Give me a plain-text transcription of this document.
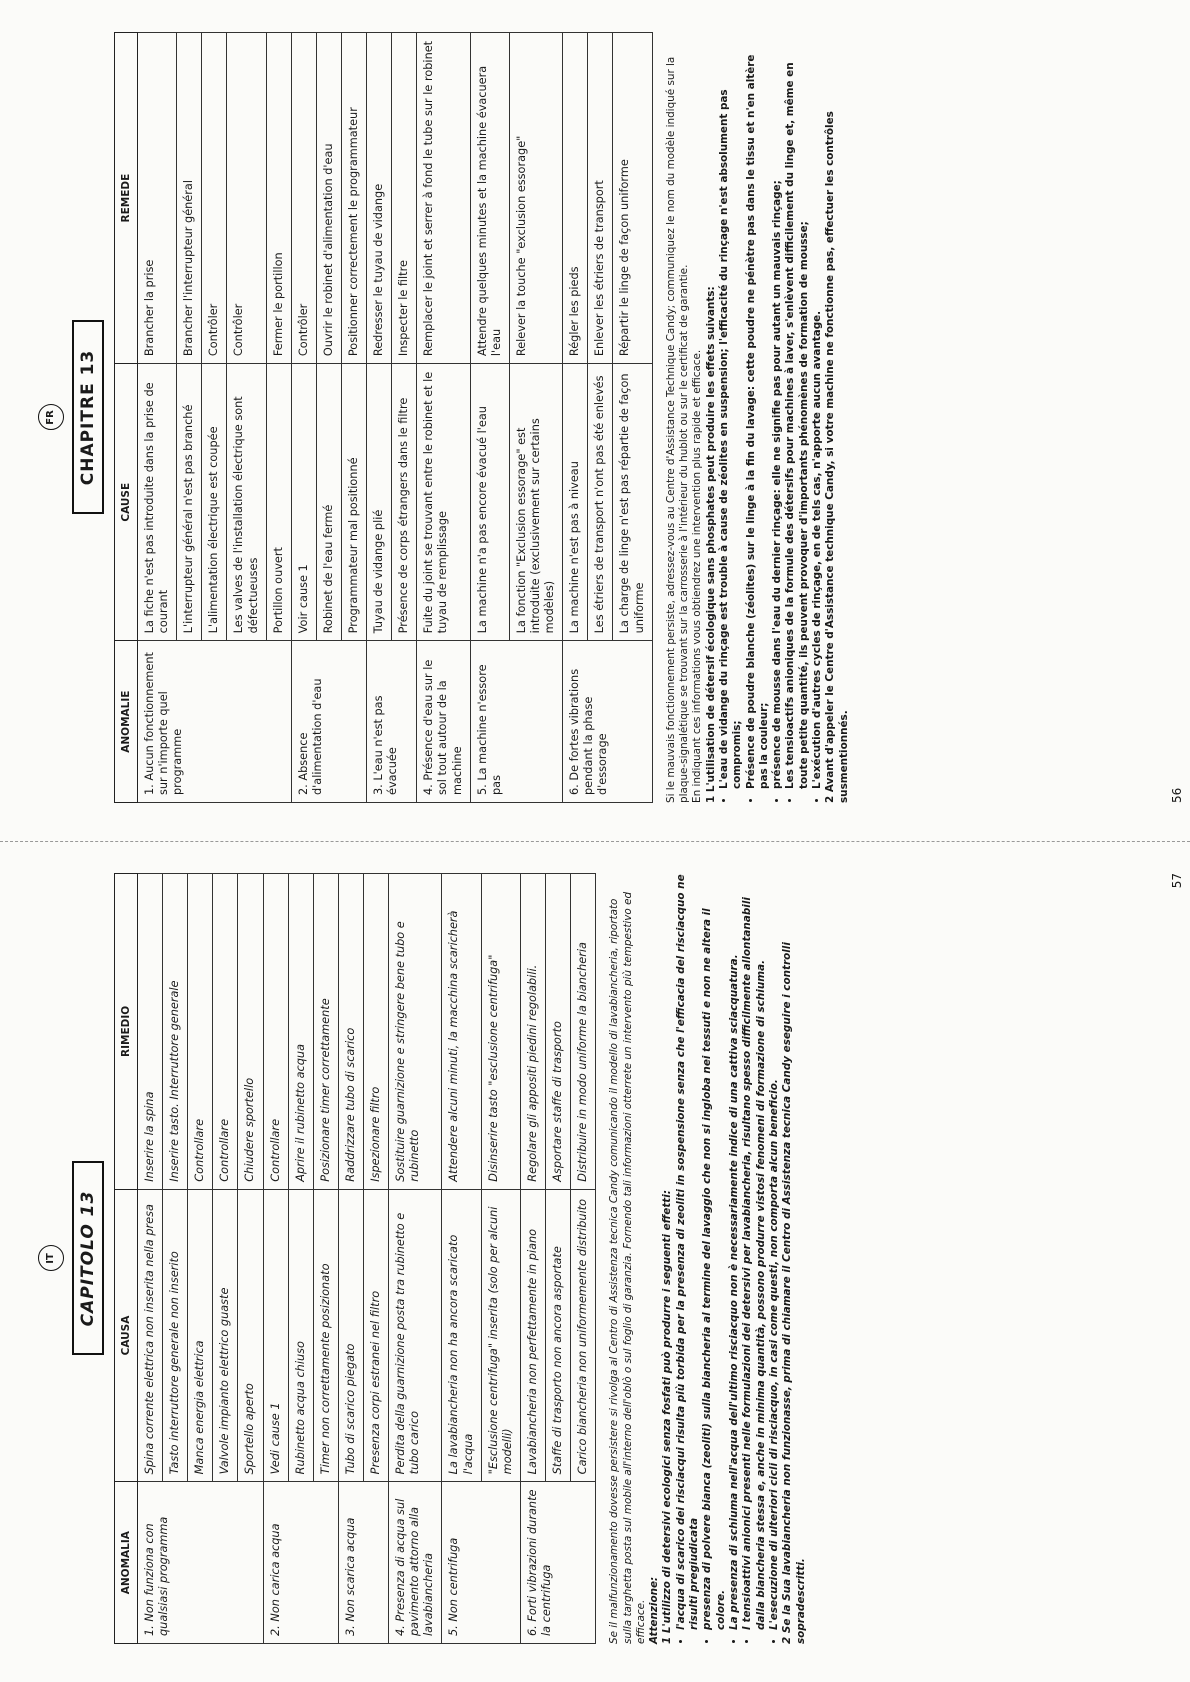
FR	CHAPITRE 13
ANOMALIE	CAUSE	REMEDE
1. Aucun fonctionnement sur n'importe quel programme	La fiche n'est pas introduite dans la prise de courant	Brancher la prise
	L'interrupteur général n'est pas branché	Brancher l'interrupteur général
	L'alimentation électrique est coupée	Contrôler
	Les valves de l'installation électrique sont défectueuses	Contrôler
	Portillon ouvert	Fermer le portillon
2. Absence d'alimentation d'eau	Voir cause 1	Contrôler
	Robinet de l'eau fermé	Ouvrir le robinet d'alimentation d'eau
	Programmateur mal positionné	Positionner correctement le programmateur
3. L'eau n'est pas évacuée	Tuyau de vidange plié	Redresser le tuyau de vidange
	Présence de corps étrangers dans le filtre	Inspecter le filtre
4. Présence d'eau sur le sol tout autour de la machine	Fuite du joint se trouvant entre le robinet et le tuyau de remplissage	Remplacer le joint et serrer à fond le tube sur le robinet
5. La machine n'essore pas	La machine n'a pas encore évacué l'eau	Attendre quelques minutes et la machine évacuera l'eau
	La fonction "Exclusion essorage" est introduite (exclusivement sur certains modèles)	Relever la touche "exclusion essorage"
6. De fortes vibrations pendant la phase d'essorage	La machine n'est pas à niveau	Régler les pieds
	Les étriers de transport n'ont pas été enlevés	Enlever les étriers de transport
	La charge de linge n'est pas répartie de façon uniforme	Répartir le linge de façon uniforme	Si le mauvais fonctionnement persiste, adressez-vous au Centre d'Assistance Technique Candy; communiquez le nom du modèle indiqué sur la plaque-signalétique se trouvant sur la carrosserie à l'intérieur du hublot ou sur le certificat de garantie. En indiquant ces informations vous obtiendrez une intervention plus rapide et efficace. 1 L'utilisation de détersif écologique sans phosphates peut produire les effets suivants: • L'eau de vidange du rinçage est trouble à cause de zéolites en suspension; l'efficacité du rinçage n'est absolument pas compromis; • Présence de poudre blanche (zéolites) sur le linge à la fin du lavage: cette poudre ne pénètre pas dans le tissu et n'en altère pas la couleur; • présence de mousse dans l'eau du dernier rinçage: elle ne signifie pas pour autant un mauvais rinçage; • Les tensioactifs anioniques de la formule des détersifs pour machines à laver, s'enlèvent difficilement du linge et, même en toute petite quantité, ils peuvent provoquer d'importants phénomènes de formation de mousse; • L'exécution d'autres cycles de rinçage, en de tels cas, n'apporte aucun avantage. 2 Avant d'appeler le Centre d'Assistance technique Candy, si votre machine ne fonctionne pas, effectuer les contrôles susmentionnés.	56
IT	CAPITOLO 13
ANOMALIA	CAUSA	RIMEDIO
1. Non funziona con qualsiasi programma	Spina corrente elettrica non inserita nella presa	Inserire la spina
	Tasto interruttore generale non inserito	Inserire tasto. Interruttore generale
	Manca energia elettrica	Controllare
	Valvole impianto elettrico guaste	Controllare
	Sportello aperto	Chiudere sportello
2. Non carica acqua	Vedi cause 1	Controllare
	Rubinetto acqua chiuso	Aprire il rubinetto acqua
	Timer non correttamente posizionato	Posizionare timer correttamente
3. Non scarica acqua	Tubo di scarico piegato	Raddrizzare tubo di scarico
	Presenza corpi estranei nel filtro	Ispezionare filtro
4. Presenza di acqua sul pavimento attorno alla lavabiancheria	Perdita della guarnizione posta tra rubinetto e tubo carico	Sostituire guarnizione e stringere bene tubo e rubinetto
5. Non centrifuga	La lavabiancheria non ha ancora scaricato l'acqua	Attendere alcuni minuti, la macchina scaricherà
	"Esclusione centrifuga" inserita (solo per alcuni modelli)	Disinserire tasto "esclusione centrifuga"
6. Forti vibrazioni durante la centrifuga	Lavabiancheria non perfettamente in piano	Regolare gli appositi piedini regolabili.
	Staffe di trasporto non ancora asportate	Asportare staffe di trasporto
	Carico biancheria non uniformemente distribuito	Distribuire in modo uniforme la biancheria Se il malfunzionamento dovesse persistere si rivolga al Centro di Assistenza tecnica Candy comunicando il modello di lavabiancheria, riportato sulla targhetta posta sul mobile all'interno dell'oblò o sul foglio di garanzia. Fornendo tali informazioni otterrete un intervento più tempestivo ed efficace. Attenzione: 1 L'utilizzo di detersivi ecologici senza fosfati può produrre i seguenti effetti: • l'acqua di scarico dei risciacqui risulta più torbida per la presenza di zeoliti in sospensione senza che l'efficacia del risciacquo ne risulti pregiudicata • presenza di polvere bianca (zeoliti) sulla biancheria al termine del lavaggio che non si ingloba nei tessuti e non ne altera il colore. • La presenza di schiuma nell'acqua dell'ultimo risciacquo non è necessariamente indice di una cattiva sciacquatura. • I tensioattivi anionici presenti nelle formulazioni dei detersivi per lavabiancheria, risultano spesso difficilmente allontanabili dalla biancheria stessa e, anche in minima quantità, possono produrre vistosi fenomeni di formazione di schiuma. • L'esecuzione di ulteriori cicli di risciacquo, in casi come questi, non comporta alcun beneficio. 2 Se la Sua lavabiancheria non funzionasse, prima di chiamare il Centro di Assistenza tecnica Candy eseguire i controlli sopradescritti.

57
